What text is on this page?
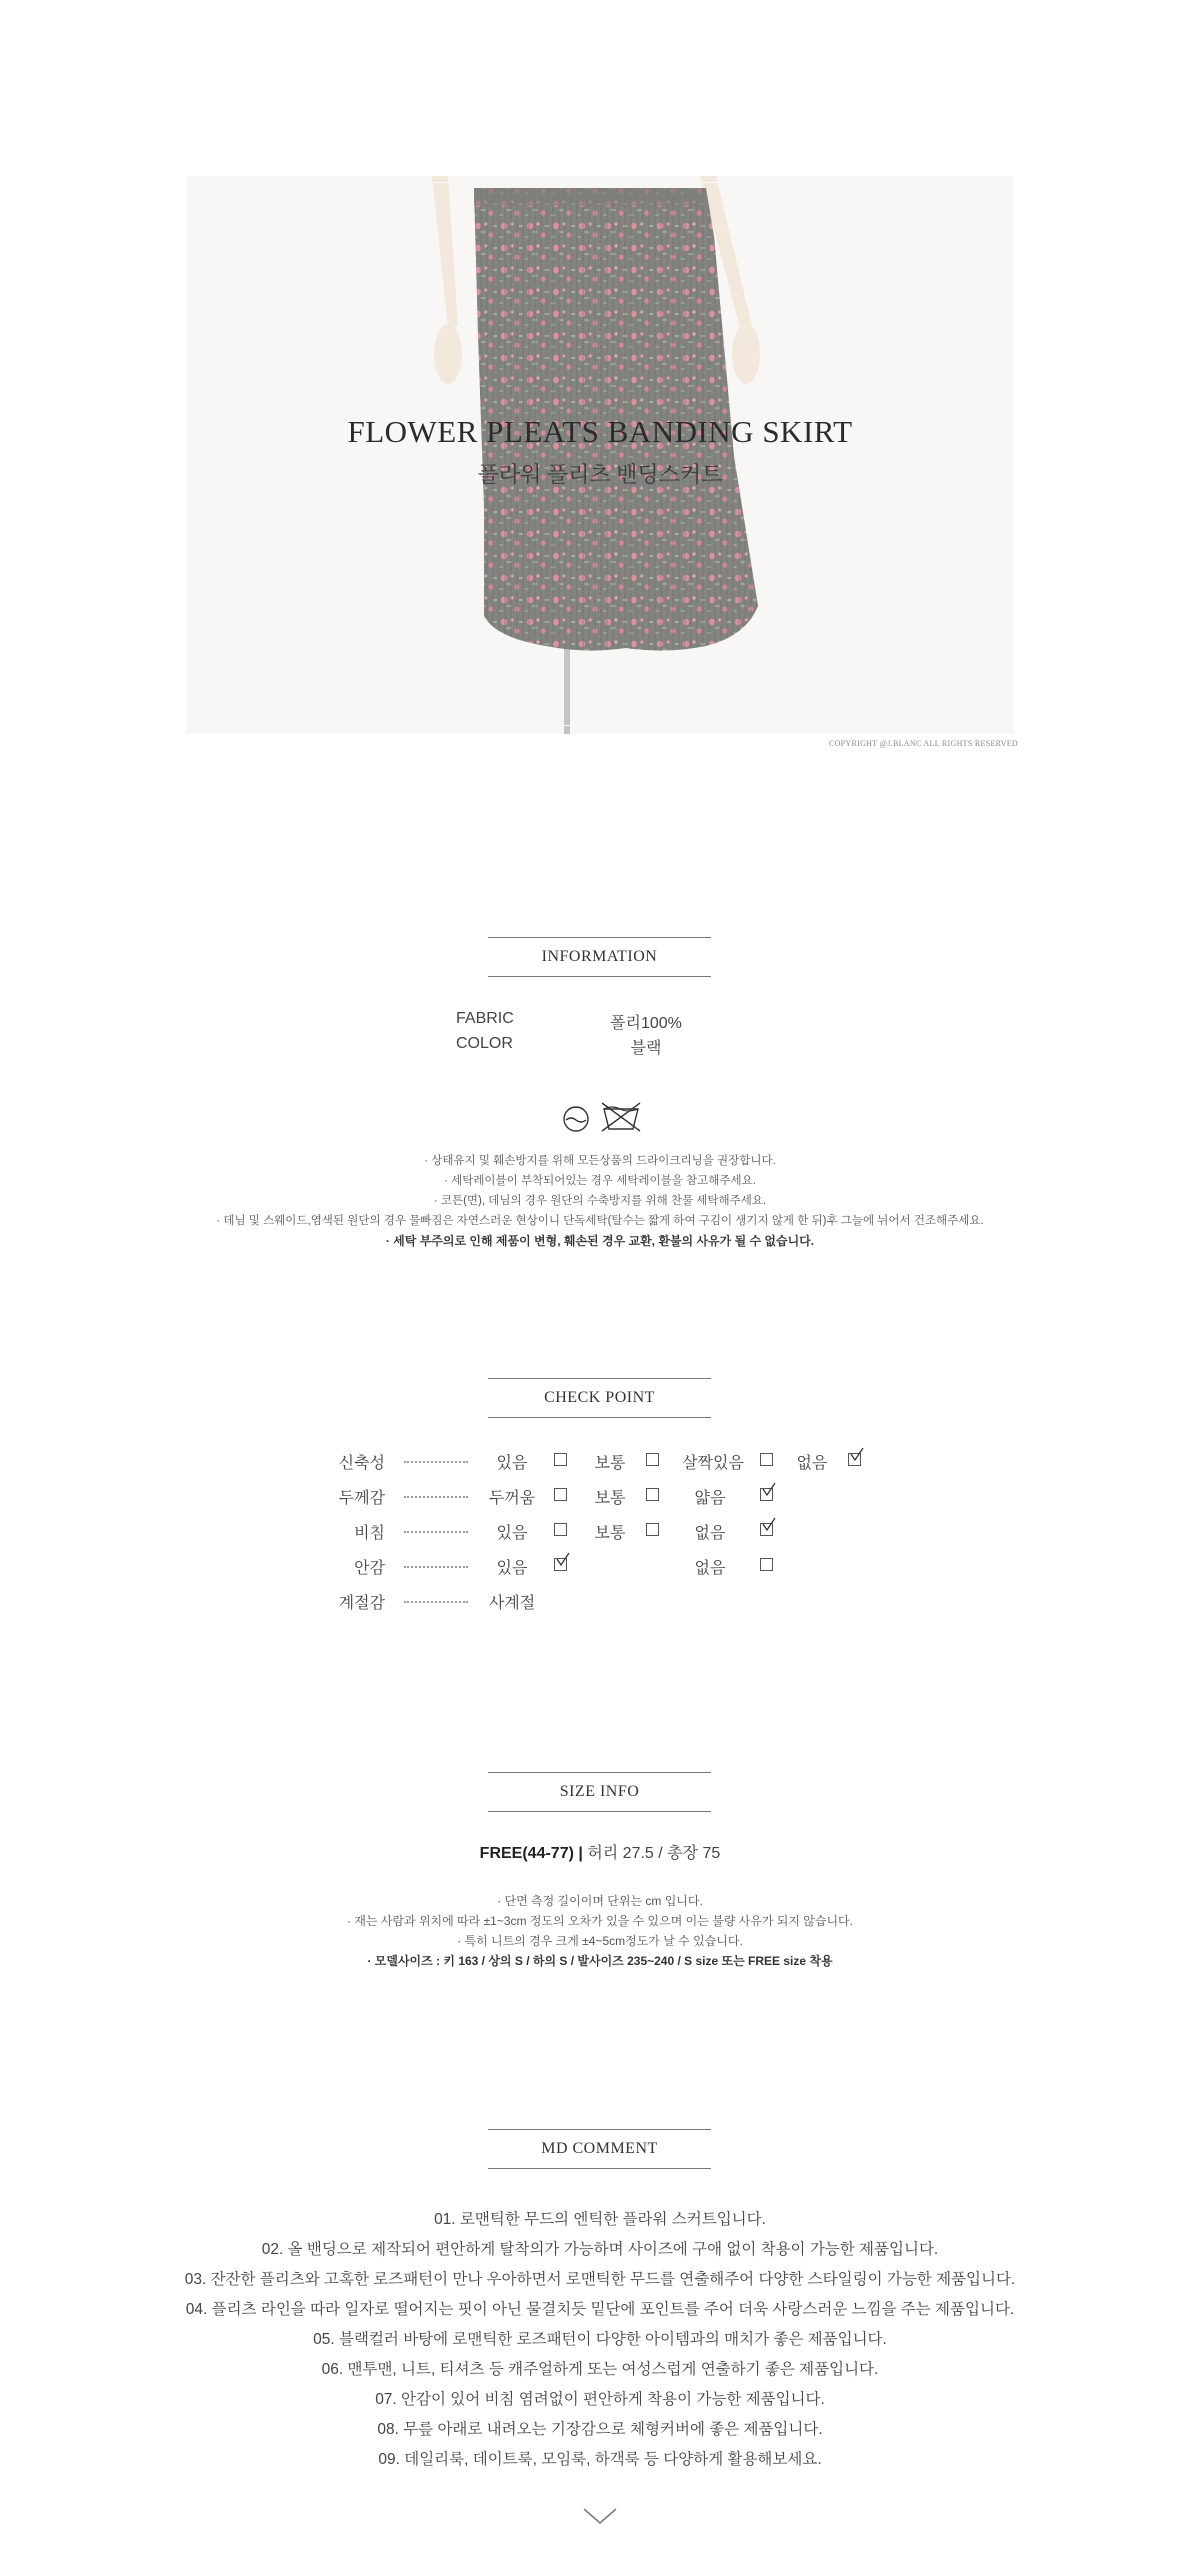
FLOWER PLEATS BANDING SKIRT
플라워 플리츠 밴딩스커트
COPYRIGHT @J.BLANC ALL RIGHTS RESERVED
INFORMATION
FABRIC	폴리100%
COLOR	블랙
· 상태유지 및 훼손방지를 위해 모든상품의 드라이크리닝을 권장합니다.
· 세탁레이블이 부착되어있는 경우 세탁레이블을 참고해주세요.
· 코튼(면), 데님의 경우 원단의 수축방지를 위해 찬물 세탁해주세요.
· 데님 및 스웨이드,염색된 원단의 경우 물빠짐은 자연스러운 현상이니 단독세탁(탈수는 짧게 하여 구김이 생기지 않게 한 뒤)후 그늘에 뉘어서 건조해주세요.
· 세탁 부주의로 인해 제품이 변형, 훼손된 경우 교환, 환불의 사유가 될 수 없습니다.
CHECK POINT
신축성	있음	보통	살짝있음	없음
두께감	두꺼움	보통	얇음
비침	있음	보통	없음
안감	있음	없음
계절감	사계절
SIZE INFO
FREE(44-77) | 허리 27.5 / 총장 75
· 단면 측정 길이이며 단위는 cm 입니다.
· 재는 사람과 위치에 따라 ±1~3cm 정도의 오차가 있을 수 있으며 이는 불량 사유가 되지 않습니다.
· 특히 니트의 경우 크게 ±4~5cm정도가 날 수 있습니다.
· 모델사이즈 : 키 163 / 상의 S / 하의 S / 발사이즈 235~240 / S size 또는 FREE size 착용
MD COMMENT
01. 로맨틱한 무드의 엔틱한 플라워 스커트입니다.
02. 올 밴딩으로 제작되어 편안하게 탈착의가 가능하며 사이즈에 구애 없이 착용이 가능한 제품입니다.
03. 잔잔한 플리츠와 고혹한 로즈패턴이 만나 우아하면서 로맨틱한 무드를 연출해주어 다양한 스타일링이 가능한 제품입니다.
04. 플리츠 라인을 따라 일자로 떨어지는 핏이 아닌 물결치듯 밑단에 포인트를 주어 더욱 사랑스러운 느낌을 주는 제품입니다.
05. 블랙컬러 바탕에 로맨틱한 로즈패턴이 다양한 아이템과의 매치가 좋은 제품입니다.
06. 맨투맨, 니트, 티셔츠 등 캐주얼하게 또는 여성스럽게 연출하기 좋은 제품입니다.
07. 안감이 있어 비침 염려없이 편안하게 착용이 가능한 제품입니다.
08. 무릎 아래로 내려오는 기장감으로 체형커버에 좋은 제품입니다.
09. 데일리룩, 데이트룩, 모임룩, 하객룩 등 다양하게 활용해보세요.
